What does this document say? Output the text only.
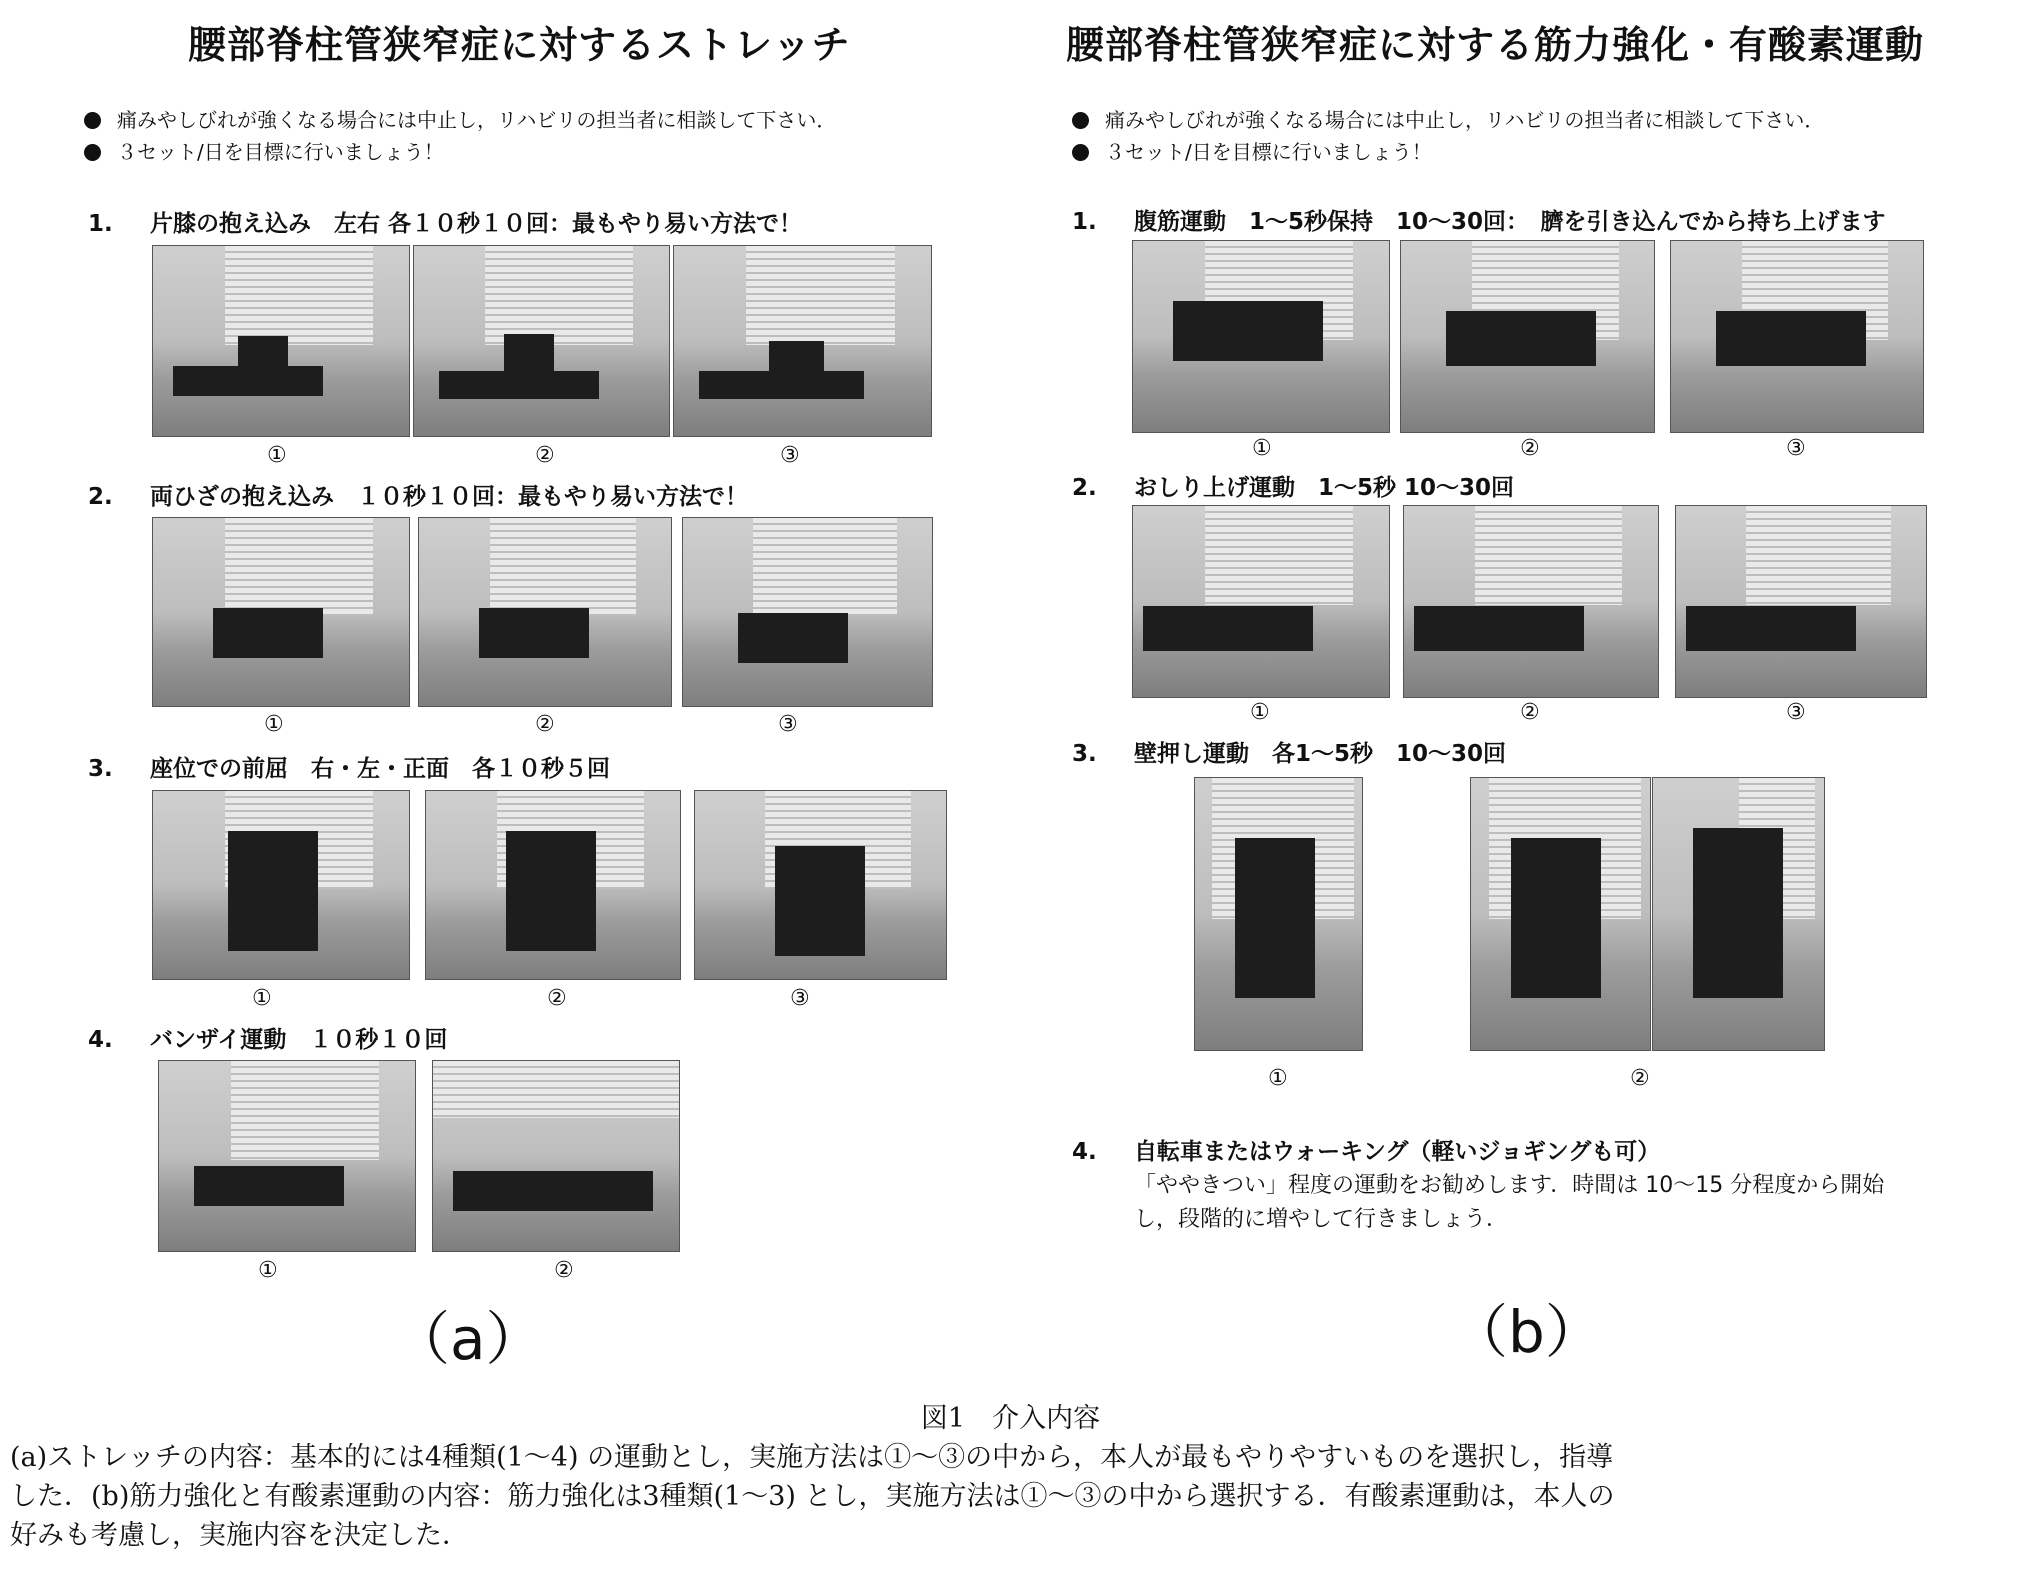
腰部脊柱管狭窄症に対するストレッチ
痛みやしびれが強くなる場合には中止し，リハビリの担当者に相談して下さい．
３セット/日を目標に行いましょう！
1. 片膝の抱え込み　左右 各１０秒１０回：最もやり易い方法で！
①	②	③
2. 両ひざの抱え込み　１０秒１０回：最もやり易い方法で！
①	②	③
3. 座位での前屈　右・左・正面　各１０秒５回
①	②	③
4. バンザイ運動　１０秒１０回
①	②
（a）
腰部脊柱管狭窄症に対する筋力強化・有酸素運動
痛みやしびれが強くなる場合には中止し，リハビリの担当者に相談して下さい．
３セット/日を目標に行いましょう！
1. 腹筋運動　1〜5秒保持　10〜30回：　臍を引き込んでから持ち上げます
①	②	③
2. おしり上げ運動　1〜5秒 10〜30回
①	②	③
3. 壁押し運動　各1〜5秒　10〜30回
①	②
4. 自転車またはウォーキング（軽いジョギングも可）
「ややきつい」程度の運動をお勧めします．時間は 10〜15 分程度から開始
し，段階的に増やして行きましょう．
（b）
図1　介入内容
(a)ストレッチの内容：基本的には4種類(1〜4) の運動とし，実施方法は①〜③の中から，本人が最もやりやすいものを選択し，指導
した．(b)筋力強化と有酸素運動の内容：筋力強化は3種類(1〜3) とし，実施方法は①〜③の中から選択する．有酸素運動は，本人の
好みも考慮し，実施内容を決定した．
